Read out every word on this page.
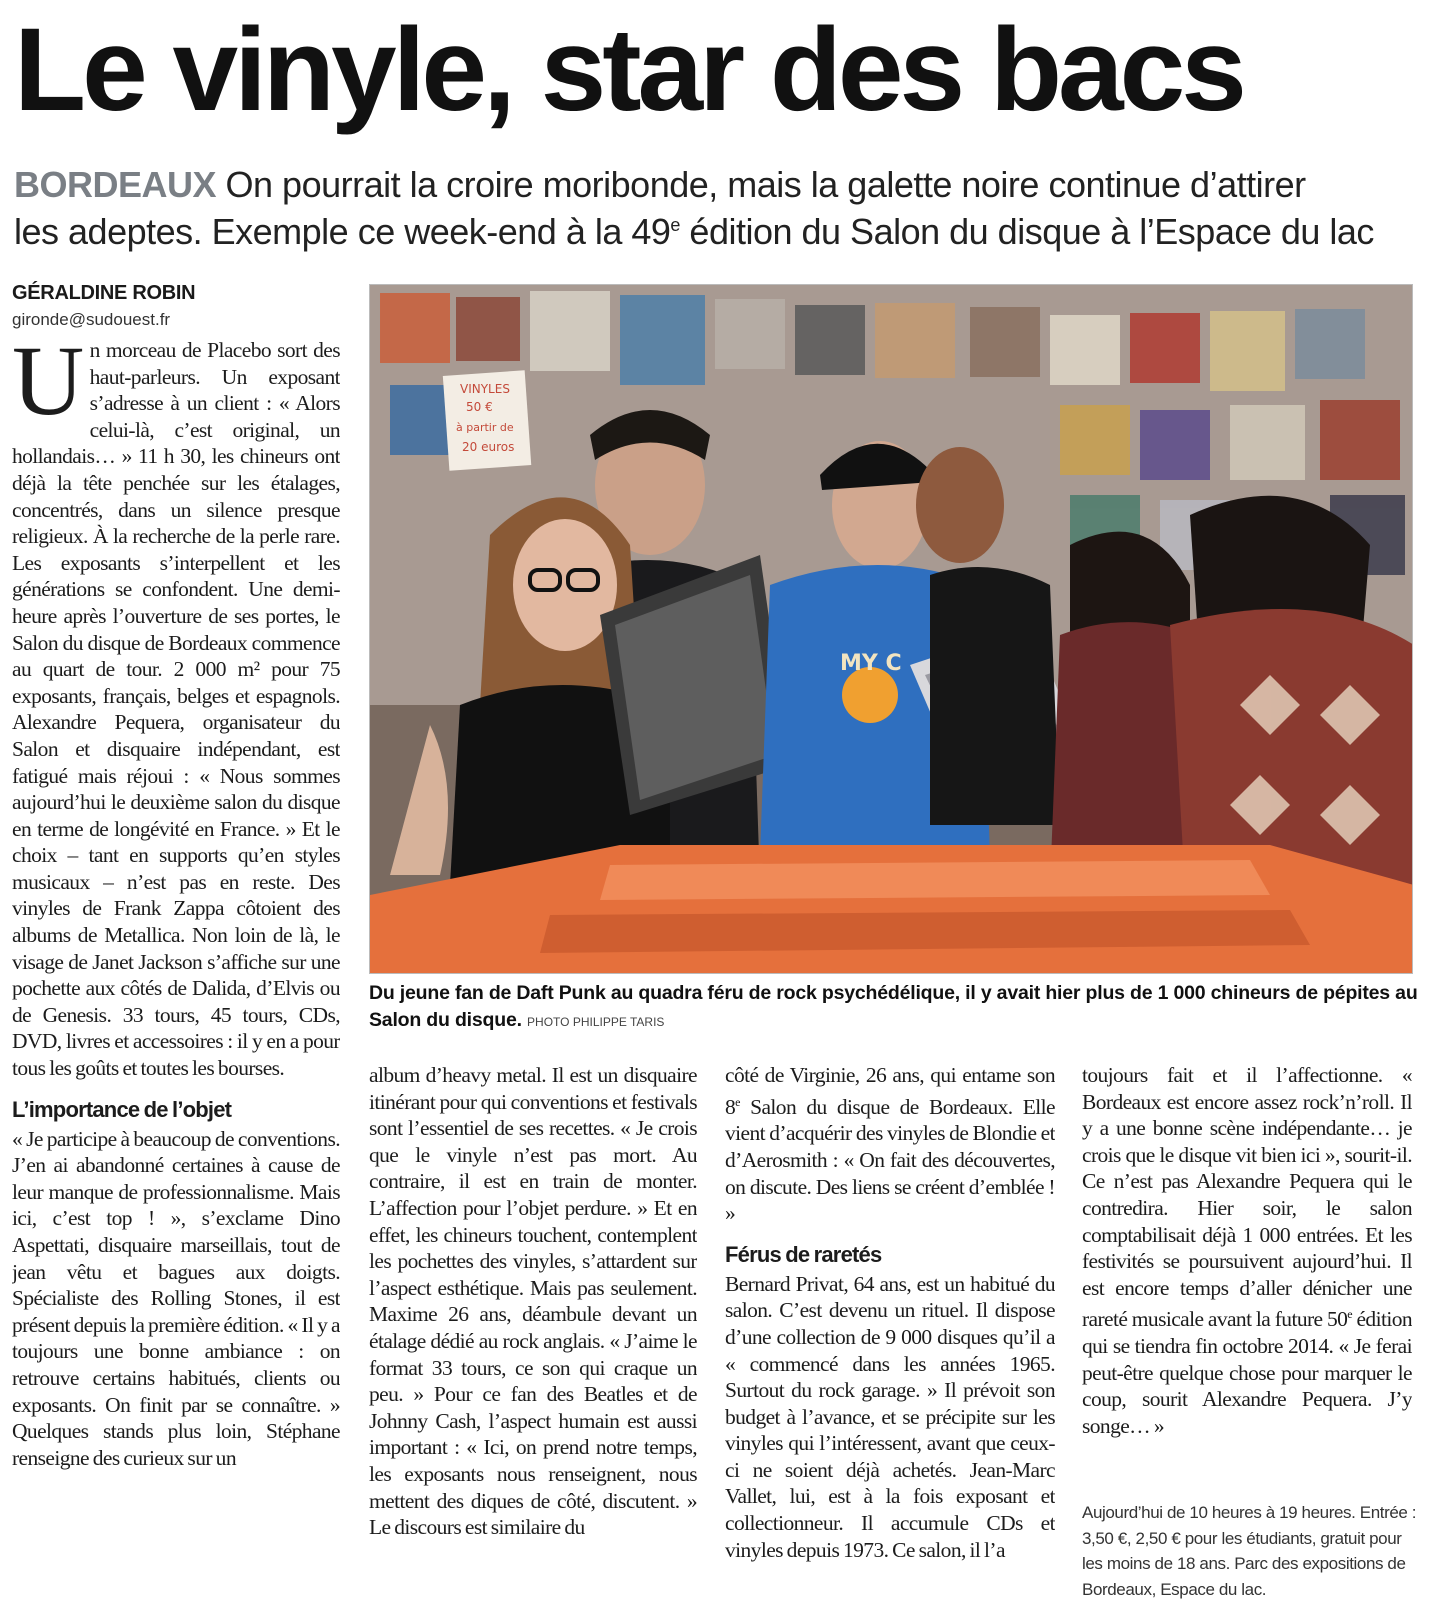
Le vinyle, star des bacs
BORDEAUX On pourrait la croire moribonde, mais la galette noire continue d’attirer
les adeptes. Exemple ce week-end à la 49e édition du Salon du disque à l’Espace du lac
GÉRALDINE ROBIN
gironde@sudouest.fr

Un morceau de Placebo sort des haut-parleurs. Un exposant s’adresse à un client : « Alors celui-là, c’est original, un hollandais… » 11 h 30, les chineurs ont déjà la tête penchée sur les étalages, concentrés, dans un silence presque religieux. À la recherche de la perle rare. Les exposants s’interpellent et les générations se confondent. Une demi-heure après l’ouverture de ses portes, le Salon du disque de Bordeaux commence au quart de tour. 2 000 m² pour 75 exposants, français, belges et espagnols. Alexandre Pequera, organisateur du Salon et disquaire indépendant, est fatigué mais réjoui : « Nous sommes aujourd’hui le deuxième salon du disque en terme de longévité en France. » Et le choix – tant en supports qu’en styles musicaux – n’est pas en reste. Des vinyles de Frank Zappa côtoient des albums de Metallica. Non loin de là, le visage de Janet Jackson s’affiche sur une pochette aux côtés de Dalida, d’Elvis ou de Genesis. 33 tours, 45 tours, CDs, DVD, livres et accessoires : il y en a pour tous les goûts et toutes les bourses.

L’importance de l’objet

« Je participe à beaucoup de conventions. J’en ai abandonné certaines à cause de leur manque de professionnalisme. Mais ici, c’est top ! », s’exclame Dino Aspettati, disquaire marseillais, tout de jean vêtu et bagues aux doigts. Spécialiste des Rolling Stones, il est présent depuis la première édition. « Il y a toujours une bonne ambiance : on retrouve certains habitués, clients ou exposants. On finit par se connaître. » Quelques stands plus loin, Stéphane renseigne des curieux sur un

VINYLES
50 €
à partir de
20 euros
MY C
Du jeune fan de Daft Punk au quadra féru de rock psychédélique, il y avait hier plus de 1 000 chineurs de pépites au Salon du disque. PHOTO PHILIPPE TARIS

album d’heavy metal. Il est un disquaire itinérant pour qui conventions et festivals sont l’essentiel de ses recettes. « Je crois que le vinyle n’est pas mort. Au contraire, il est en train de monter. L’affection pour l’objet perdure. » Et en effet, les chineurs touchent, contemplent les pochettes des vinyles, s’attardent sur l’aspect esthétique. Mais pas seulement. Maxime 26 ans, déambule devant un étalage dédié au rock anglais. « J’aime le format 33 tours, ce son qui craque un peu. » Pour ce fan des Beatles et de Johnny Cash, l’aspect humain est aussi important : « Ici, on prend notre temps, les exposants nous renseignent, nous mettent des diques de côté, discutent. » Le discours est similaire du

côté de Virginie, 26 ans, qui entame son 8e Salon du disque de Bordeaux. Elle vient d’acquérir des vinyles de Blondie et d’Aerosmith : « On fait des découvertes, on discute. Des liens se créent d’emblée ! »

Férus de raretés

Bernard Privat, 64 ans, est un habitué du salon. C’est devenu un rituel. Il dispose d’une collection de 9 000 disques qu’il a « commencé dans les années 1965. Surtout du rock garage. » Il prévoit son budget à l’avance, et se précipite sur les vinyles qui l’intéressent, avant que ceux-ci ne soient déjà achetés. Jean-Marc Vallet, lui, est à la fois exposant et collectionneur. Il accumule CDs et vinyles depuis 1973. Ce salon, il l’a

toujours fait et il l’affectionne. « Bordeaux est encore assez rock’n’roll. Il y a une bonne scène indépendante… je crois que le disque vit bien ici », sourit-il. Ce n’est pas Alexandre Pequera qui le contredira. Hier soir, le salon comptabilisait déjà 1 000 entrées. Et les festivités se poursuivent aujourd’hui. Il est encore temps d’aller dénicher une rareté musicale avant la future 50e édition qui se tiendra fin octobre 2014. « Je ferai peut-être quelque chose pour marquer le coup, sourit Alexandre Pequera. J’y songe… »

Aujourd’hui de 10 heures à 19 heures. Entrée : 3,50 €, 2,50 € pour les étudiants, gratuit pour les moins de 18 ans. Parc des expositions de Bordeaux, Espace du lac.
